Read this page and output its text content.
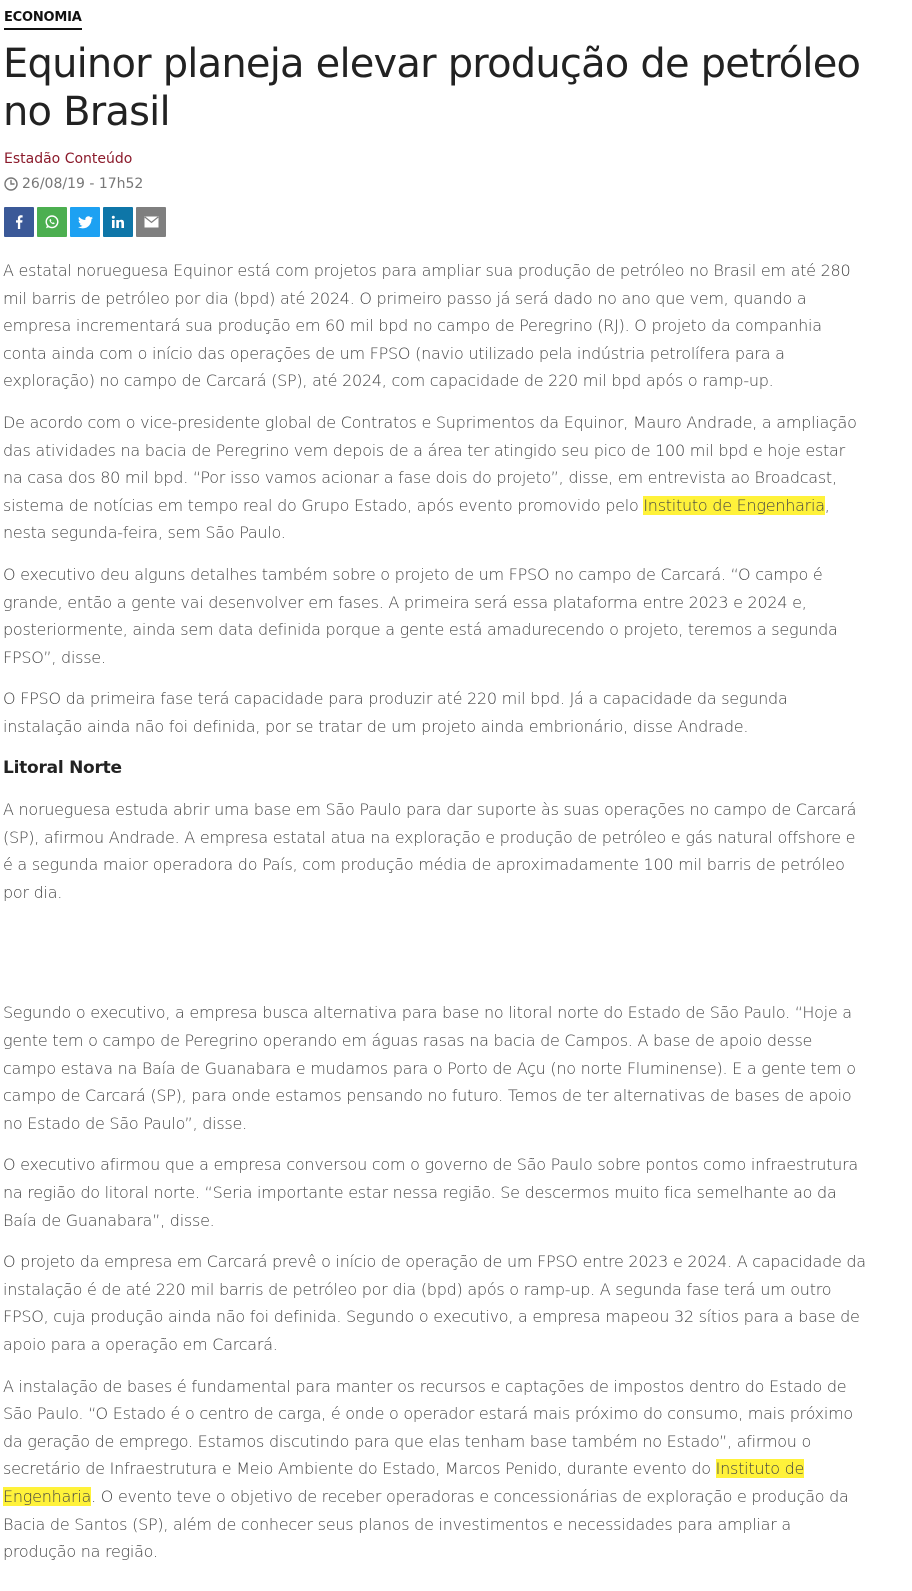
ECONOMIA
Equinor planeja elevar produção de petróleo no Brasil
Estadão Conteúdo
26/08/19 - 17h52

A estatal norueguesa Equinor está com projetos para ampliar sua produção de petróleo no Brasil em até 280 mil barris de petróleo por dia (bpd) até 2024. O primeiro passo já será dado no ano que vem, quando a empresa incrementará sua produção em 60 mil bpd no campo de Peregrino (RJ). O projeto da companhia conta ainda com o início das operações de um FPSO (navio utilizado pela indústria petrolífera para a exploração) no campo de Carcará (SP), até 2024, com capacidade de 220 mil bpd após o ramp-up.

De acordo com o vice-presidente global de Contratos e Suprimentos da Equinor, Mauro Andrade, a ampliação das atividades na bacia de Peregrino vem depois de a área ter atingido seu pico de 100 mil bpd e hoje estar na casa dos 80 mil bpd. “Por isso vamos acionar a fase dois do projeto”, disse, em entrevista ao Broadcast, sistema de notícias em tempo real do Grupo Estado, após evento promovido pelo Instituto de Engenharia, nesta segunda-feira, sem São Paulo.

O executivo deu alguns detalhes também sobre o projeto de um FPSO no campo de Carcará. “O campo é grande, então a gente vai desenvolver em fases. A primeira será essa plataforma entre 2023 e 2024 e, posteriormente, ainda sem data definida porque a gente está amadurecendo o projeto, teremos a segunda FPSO”, disse.

O FPSO da primeira fase terá capacidade para produzir até 220 mil bpd. Já a capacidade da segunda instalação ainda não foi definida, por se tratar de um projeto ainda embrionário, disse Andrade.

Litoral Norte

A norueguesa estuda abrir uma base em São Paulo para dar suporte às suas operações no campo de Carcará (SP), afirmou Andrade. A empresa estatal atua na exploração e produção de petróleo e gás natural offshore e é a segunda maior operadora do País, com produção média de aproximadamente 100 mil barris de petróleo por dia.

Segundo o executivo, a empresa busca alternativa para base no litoral norte do Estado de São Paulo. “Hoje a gente tem o campo de Peregrino operando em águas rasas na bacia de Campos. A base de apoio desse campo estava na Baía de Guanabara e mudamos para o Porto de Açu (no norte Fluminense). E a gente tem o campo de Carcará (SP), para onde estamos pensando no futuro. Temos de ter alternativas de bases de apoio no Estado de São Paulo”, disse.

O executivo afirmou que a empresa conversou com o governo de São Paulo sobre pontos como infraestrutura na região do litoral norte. “Seria importante estar nessa região. Se descermos muito fica semelhante ao da Baía de Guanabara”, disse.

O projeto da empresa em Carcará prevê o início de operação de um FPSO entre 2023 e 2024. A capacidade da instalação é de até 220 mil barris de petróleo por dia (bpd) após o ramp-up. A segunda fase terá um outro FPSO, cuja produção ainda não foi definida. Segundo o executivo, a empresa mapeou 32 sítios para a base de apoio para a operação em Carcará.

A instalação de bases é fundamental para manter os recursos e captações de impostos dentro do Estado de São Paulo. “O Estado é o centro de carga, é onde o operador estará mais próximo do consumo, mais próximo da geração de emprego. Estamos discutindo para que elas tenham base também no Estado”, afirmou o secretário de Infraestrutura e Meio Ambiente do Estado, Marcos Penido, durante evento do Instituto de Engenharia. O evento teve o objetivo de receber operadoras e concessionárias de exploração e produção da Bacia de Santos (SP), além de conhecer seus planos de investimentos e necessidades para ampliar a produção na região.
